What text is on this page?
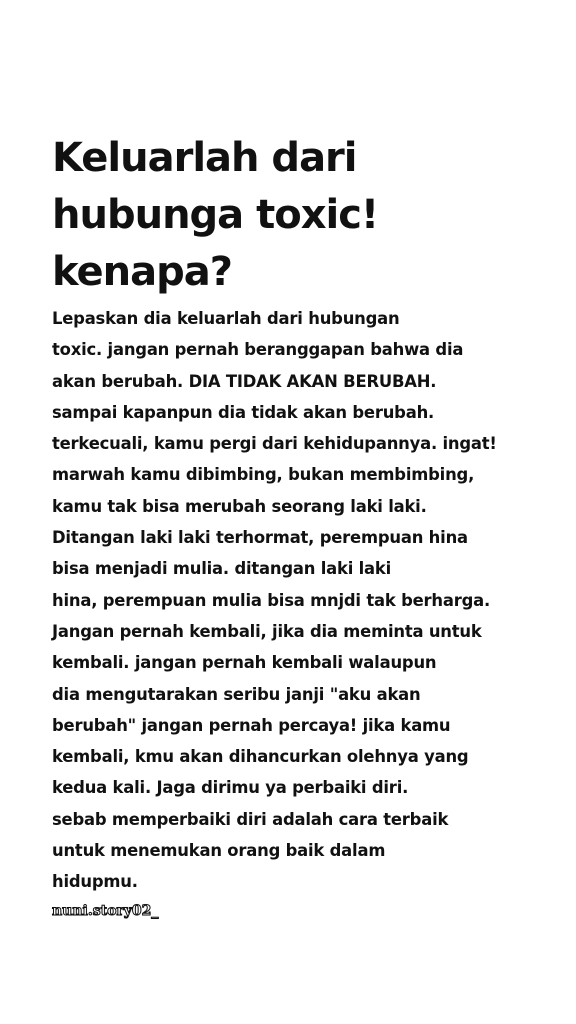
Keluarlah dari
hubunga toxic!
kenapa?
Lepaskan dia keluarlah dari hubungan
toxic. jangan pernah beranggapan bahwa dia
akan berubah. DIA TIDAK AKAN BERUBAH.
sampai kapanpun dia tidak akan berubah.
terkecuali, kamu pergi dari kehidupannya. ingat!
marwah kamu dibimbing, bukan membimbing,
kamu tak bisa merubah seorang laki laki.
Ditangan laki laki terhormat, perempuan hina
bisa menjadi mulia. ditangan laki laki
hina, perempuan mulia bisa mnjdi tak berharga.
Jangan pernah kembali, jika dia meminta untuk
kembali. jangan pernah kembali walaupun
dia mengutarakan seribu janji "aku akan
berubah" jangan pernah percaya! jika kamu
kembali, kmu akan dihancurkan olehnya yang
kedua kali. Jaga dirimu ya perbaiki diri.
sebab memperbaiki diri adalah cara terbaik
untuk menemukan orang baik dalam
hidupmu.
nuni.story02_
